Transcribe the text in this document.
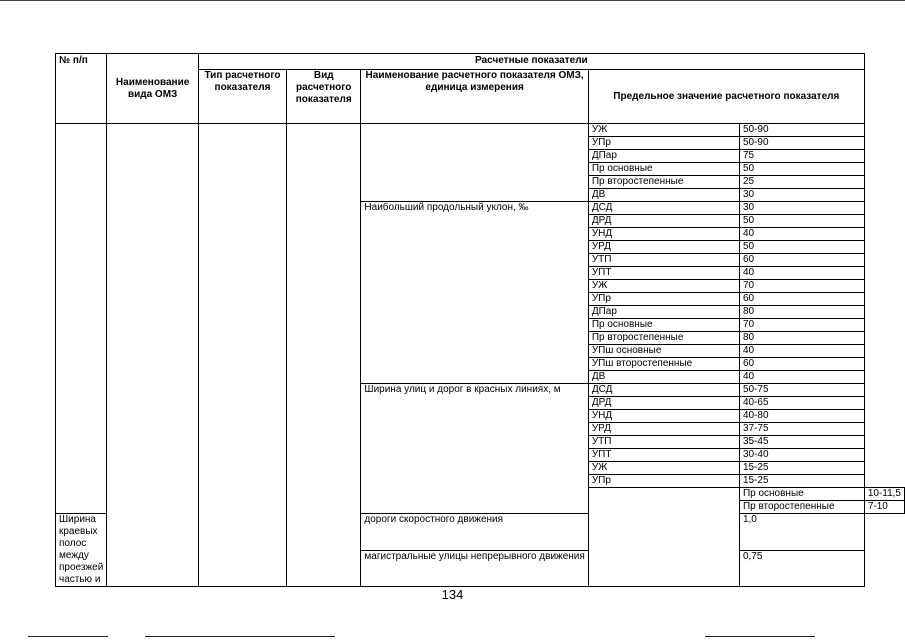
№ п/п	Наименование вида ОМЗ	Расчетные показатели					
		Тип расчетного показателя	Вид расчетного показателя	Наименование расчетного показателя ОМЗ, единица измерения	Предельное значение расчетного показателя		
					УЖ	50-90	
					УПр	50-90	
					ДПар	75	
					Пр основные	50	
					Пр второстепенные	25	
					ДВ	30	
				Наибольший продольный уклон, ‰	ДСД	30	
					ДРД	50	
					УНД	40	
					УРД	50	
					УТП	60	
					УПТ	40	
					УЖ	70	
					УПр	60	
					ДПар	80	
					Пр основные	70	
					Пр второстепенные	80	
					УПш основные	40	
					УПш второстепенные	60	
					ДВ	40	
				Ширина улиц и дорог в красных линиях, м	ДСД	50-75	
					ДРД	40-65	
					УНД	40-80	
					УРД	37-75	
					УТП	35-45	
					УПТ	30-40	
					УЖ	15-25	
					УПр	15-25	
						Пр основные	10-11,5
						Пр второстепенные	7-10
Ширина краевых полос между проезжей частью и				дороги скоростного движения		1,0	
				магистральные улицы непрерывного движения		0,75	
134
